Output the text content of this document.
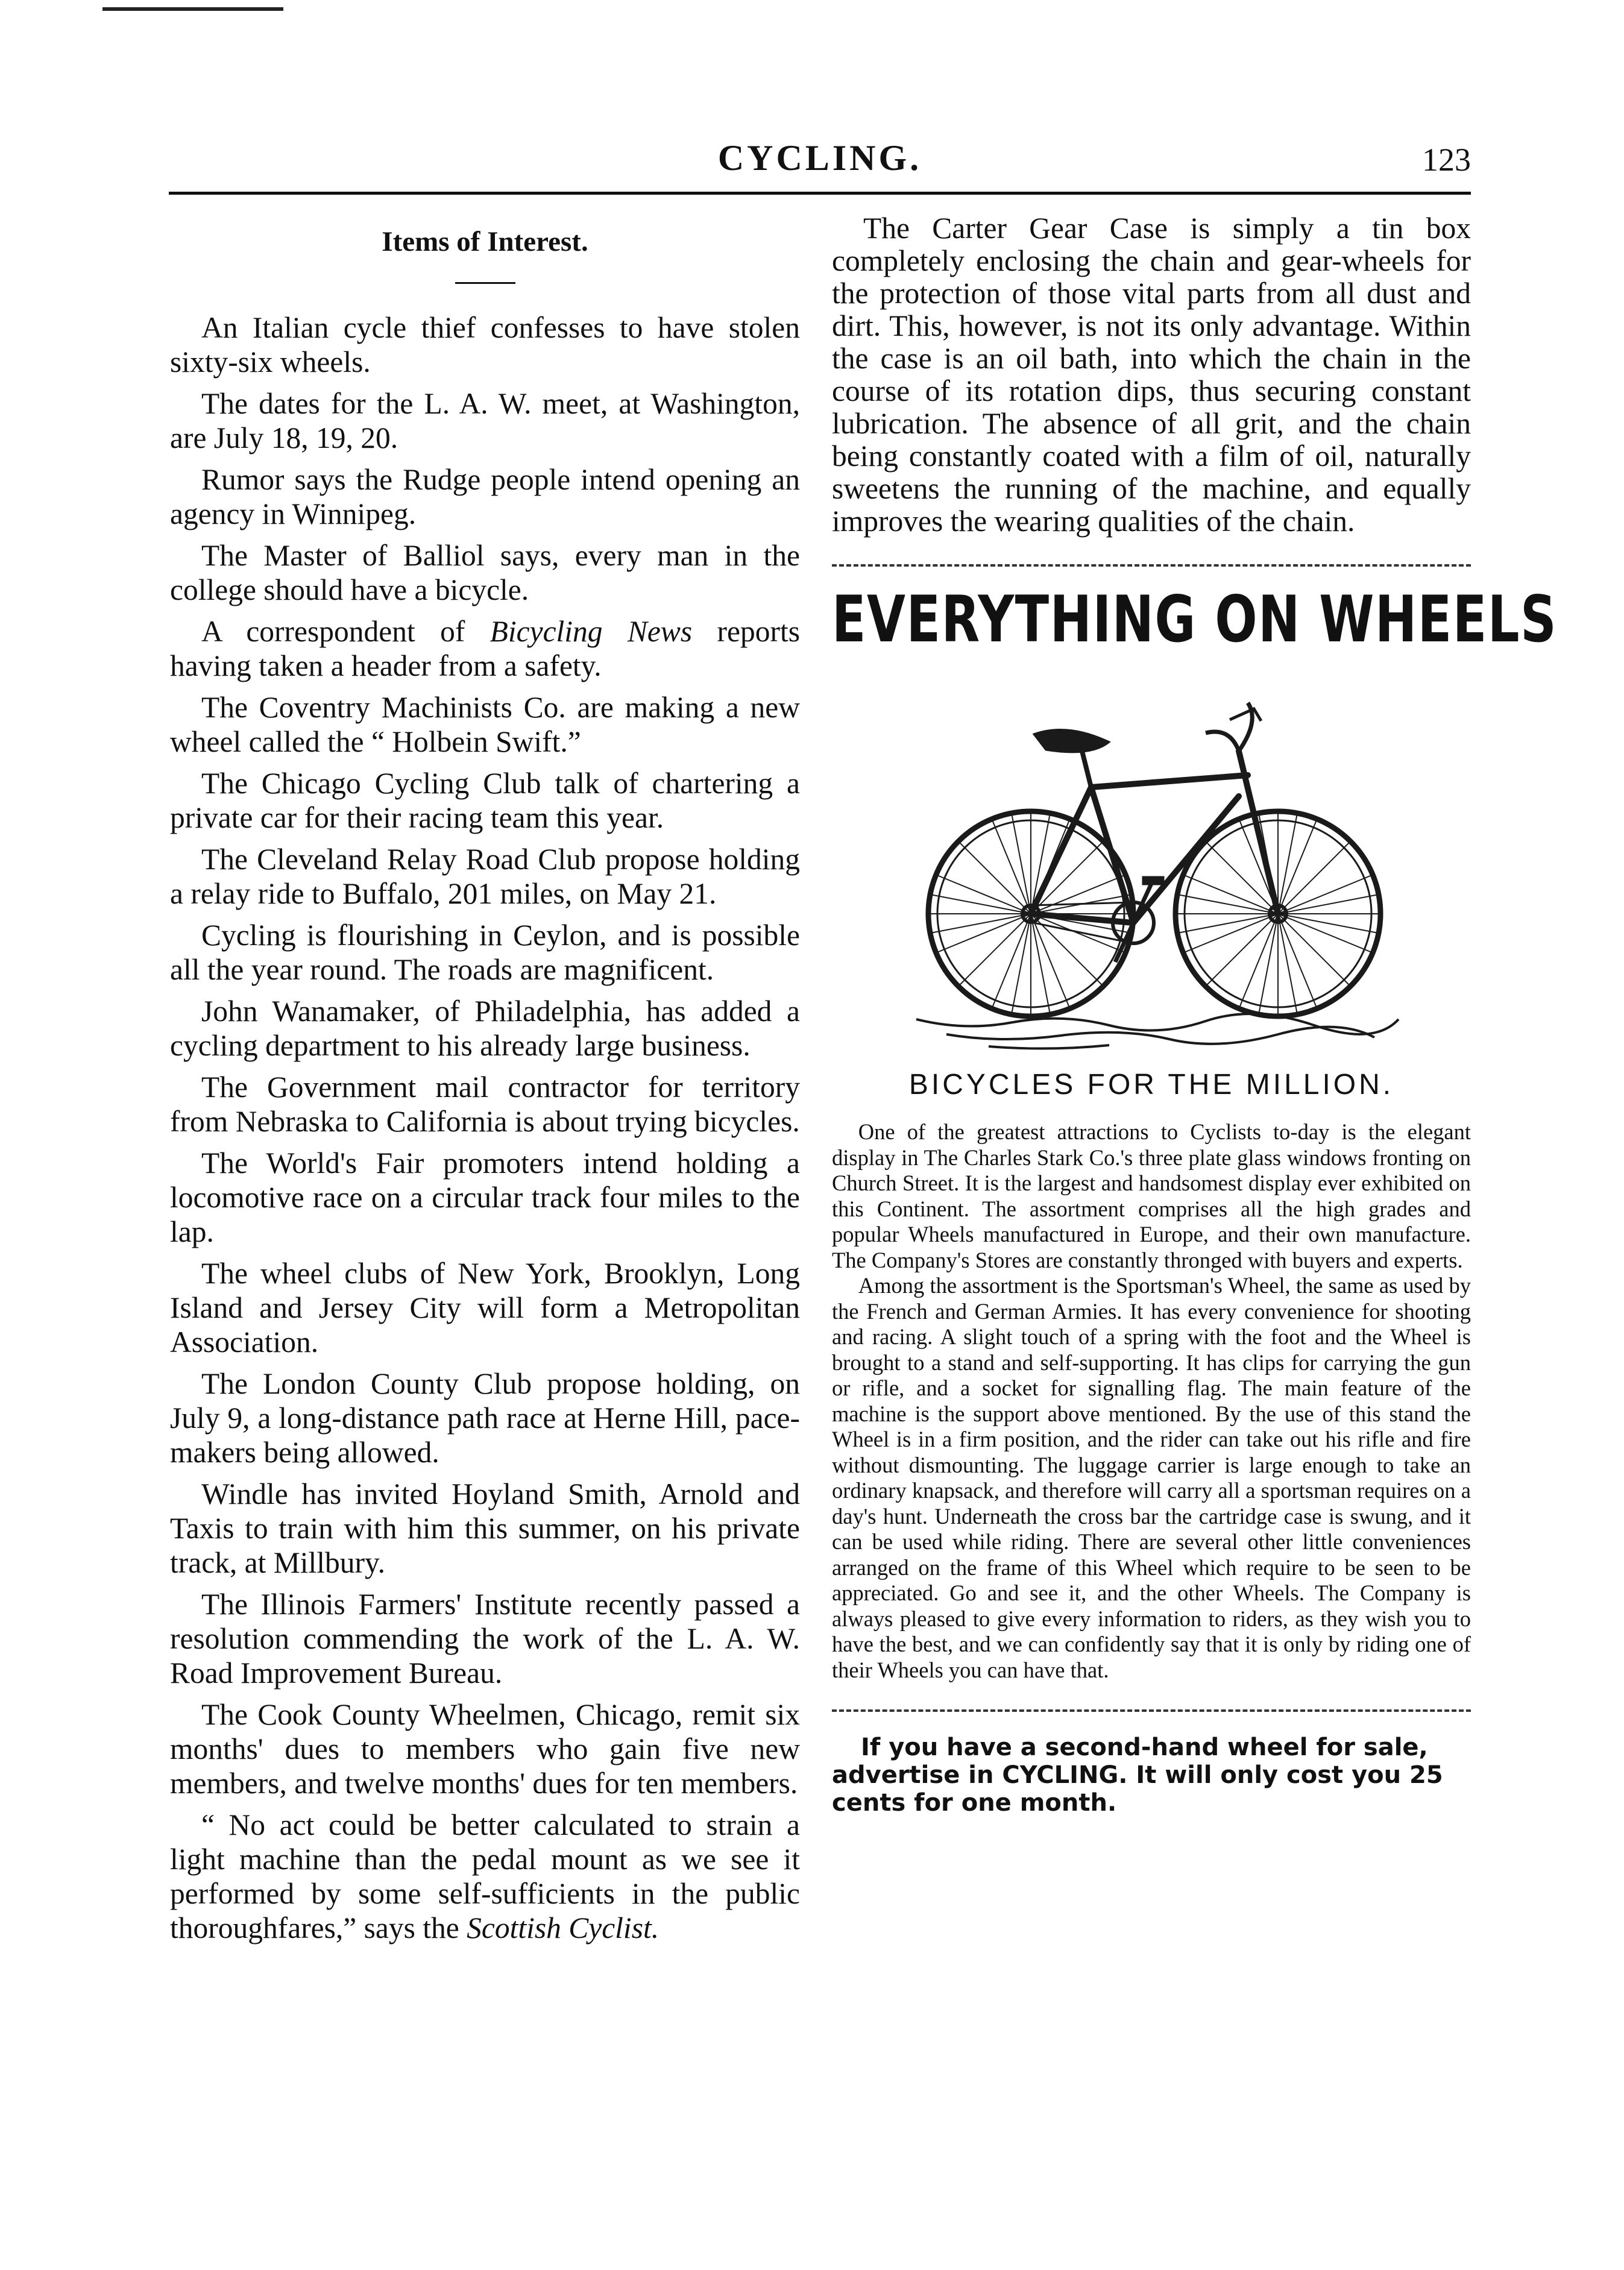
CYCLING.	123
Items of Interest.

An Italian cycle thief confesses to have stolen sixty-six wheels.

The dates for the L. A. W. meet, at Washington, are July 18, 19, 20.

Rumor says the Rudge people intend opening an agency in Winnipeg.

The Master of Balliol says, every man in the college should have a bicycle.

A correspondent of Bicycling News reports having taken a header from a safety.

The Coventry Machinists Co. are making a new wheel called the “ Holbein Swift.”

The Chicago Cycling Club talk of chartering a private car for their racing team this year.

The Cleveland Relay Road Club propose holding a relay ride to Buffalo, 201 miles, on May 21.

Cycling is flourishing in Ceylon, and is possible all the year round. The roads are magnificent.

John Wanamaker, of Philadelphia, has added a cycling department to his already large business.

The Government mail contractor for territory from Nebraska to California is about trying bicycles.

The World's Fair promoters intend holding a locomotive race on a circular track four miles to the lap.

The wheel clubs of New York, Brooklyn, Long Island and Jersey City will form a Metropolitan Association.

The London County Club propose holding, on July 9, a long-distance path race at Herne Hill, pace-makers being allowed.

Windle has invited Hoyland Smith, Arnold and Taxis to train with him this summer, on his private track, at Millbury.

The Illinois Farmers' Institute recently passed a resolution commending the work of the L. A. W. Road Improvement Bureau.

The Cook County Wheelmen, Chicago, remit six months' dues to members who gain five new members, and twelve months' dues for ten members.

“ No act could be better calculated to strain a light machine than the pedal mount as we see it performed by some self-sufficients in the public thoroughfares,” says the Scottish Cyclist.

The Carter Gear Case is simply a tin box completely enclosing the chain and gear-wheels for the protection of those vital parts from all dust and dirt. This, however, is not its only advantage. Within the case is an oil bath, into which the chain in the course of its rotation dips, thus securing constant lubrication. The absence of all grit, and the chain being constantly coated with a film of oil, naturally sweetens the running of the machine, and equally improves the wearing qualities of the chain.

EVERYTHING ON WHEELS
BICYCLES FOR THE MILLION.

One of the greatest attractions to Cyclists to-day is the elegant display in The Charles Stark Co.'s three plate glass windows fronting on Church Street. It is the largest and handsomest display ever exhibited on this Continent. The assortment comprises all the high grades and popular Wheels manufactured in Europe, and their own manufacture. The Company's Stores are constantly thronged with buyers and experts.

Among the assortment is the Sportsman's Wheel, the same as used by the French and German Armies. It has every convenience for shooting and racing. A slight touch of a spring with the foot and the Wheel is brought to a stand and self-supporting. It has clips for carrying the gun or rifle, and a socket for signalling flag. The main feature of the machine is the support above mentioned. By the use of this stand the Wheel is in a firm position, and the rider can take out his rifle and fire without dismounting. The luggage carrier is large enough to take an ordinary knapsack, and therefore will carry all a sportsman requires on a day's hunt. Underneath the cross bar the cartridge case is swung, and it can be used while riding. There are several other little conveniences arranged on the frame of this Wheel which require to be seen to be appreciated. Go and see it, and the other Wheels. The Company is always pleased to give every information to riders, as they wish you to have the best, and we can confidently say that it is only by riding one of their Wheels you can have that.

If you have a second-hand wheel for sale, advertise in CYCLING. It will only cost you 25 cents for one month.
